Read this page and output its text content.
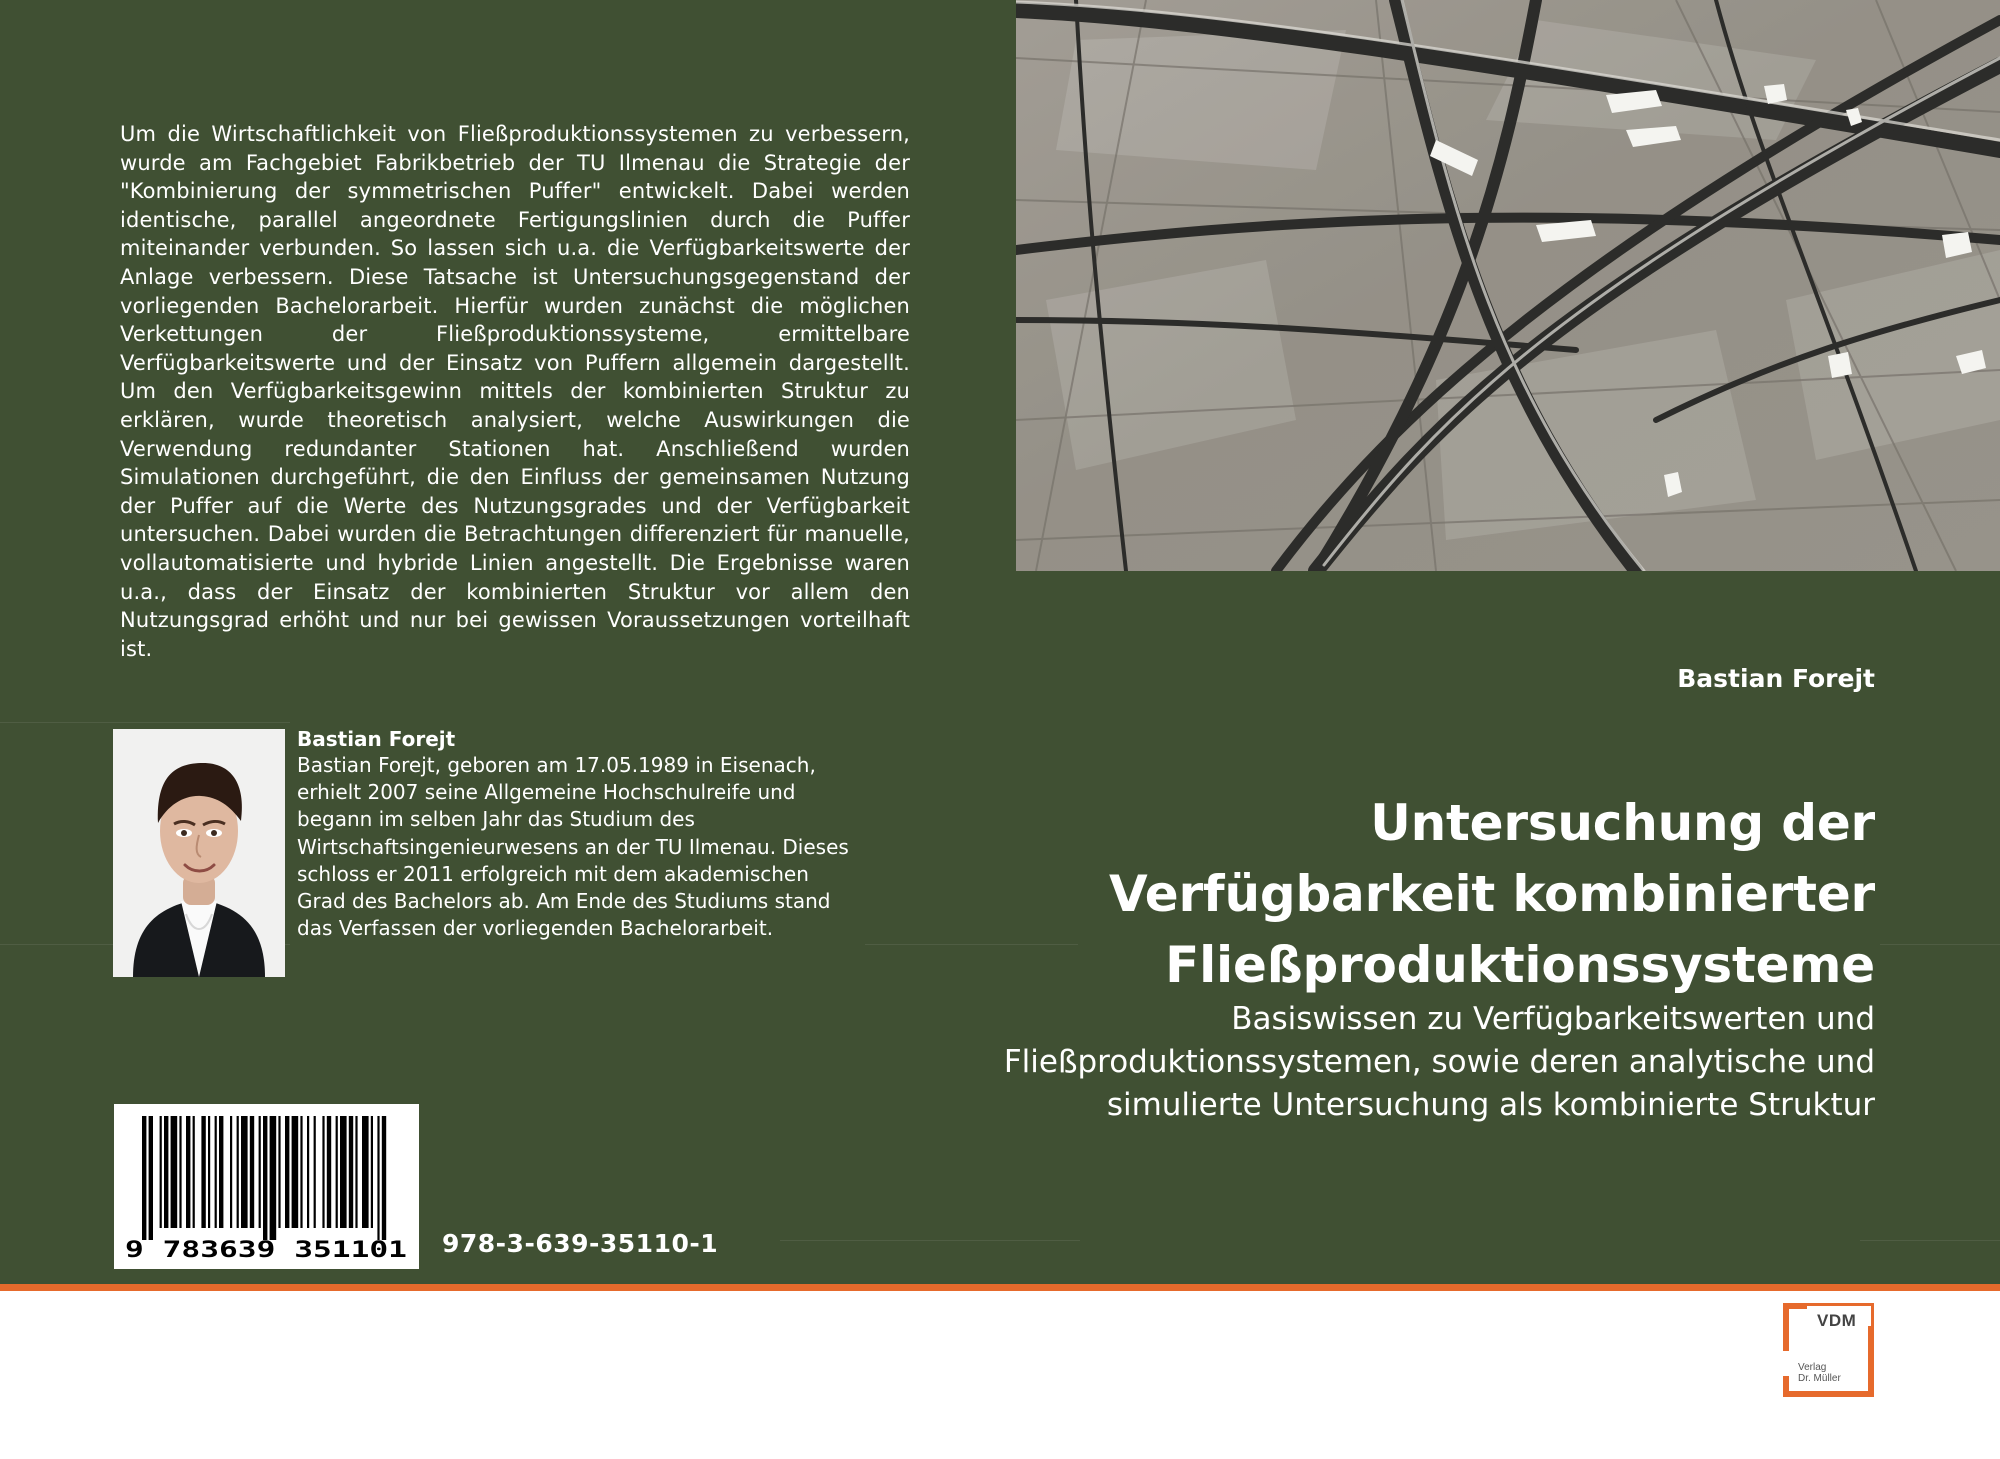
Um die Wirtschaftlichkeit von Fließproduktionssystemen zu verbessern, wurde am Fachgebiet Fabrikbetrieb der TU Ilmenau die Strategie der "Kombinierung der symmetrischen Puffer" entwickelt. Dabei werden identische, parallel angeordnete Fertigungslinien durch die Puffer miteinander verbunden. So lassen sich u.a. die Verfügbarkeitswerte der Anlage verbessern. Diese Tatsache ist Untersuchungsgegenstand der vorliegenden Bachelorarbeit. Hierfür wurden zunächst die möglichen Verkettungen der Fließproduktionssysteme, ermittelbare Verfügbarkeitswerte und der Einsatz von Puffern allgemein dargestellt. Um den Verfügbarkeitsgewinn mittels der kombinierten Struktur zu erklären, wurde theoretisch analysiert, welche Auswirkungen die Verwendung redundanter Stationen hat. Anschließend wurden Simulationen durchgeführt, die den Einfluss der gemeinsamen Nutzung der Puffer auf die Werte des Nutzungsgrades und der Verfügbarkeit untersuchen. Dabei wurden die Betrachtungen differenziert für manuelle, vollautomatisierte und hybride Linien angestellt. Die Ergebnisse waren u.a., dass der Einsatz der kombinierten Struktur vor allem den Nutzungsgrad erhöht und nur bei gewissen Voraussetzungen vorteilhaft ist.
Bastian Forejt
Bastian Forejt, geboren am 17.05.1989 in Eisenach, erhielt 2007 seine Allgemeine Hochschulreife und begann im selben Jahr das Studium des Wirtschaftsingenieurwesens an der TU Ilmenau. Dieses schloss er 2011 erfolgreich mit dem akademischen Grad des Bachelors ab. Am Ende des Studiums stand das Verfassen der vorliegenden Bachelorarbeit.
9 783639 351101 978-3-639-35110-1
Bastian Forejt
Untersuchung der Verfügbarkeit kombinierter Fließproduktionssysteme
Basiswissen zu Verfügbarkeitswerten und Fließproduktionssystemen, sowie deren analytische und simulierte Untersuchung als kombinierte Struktur
VDM
Verlag
Dr. Müller
